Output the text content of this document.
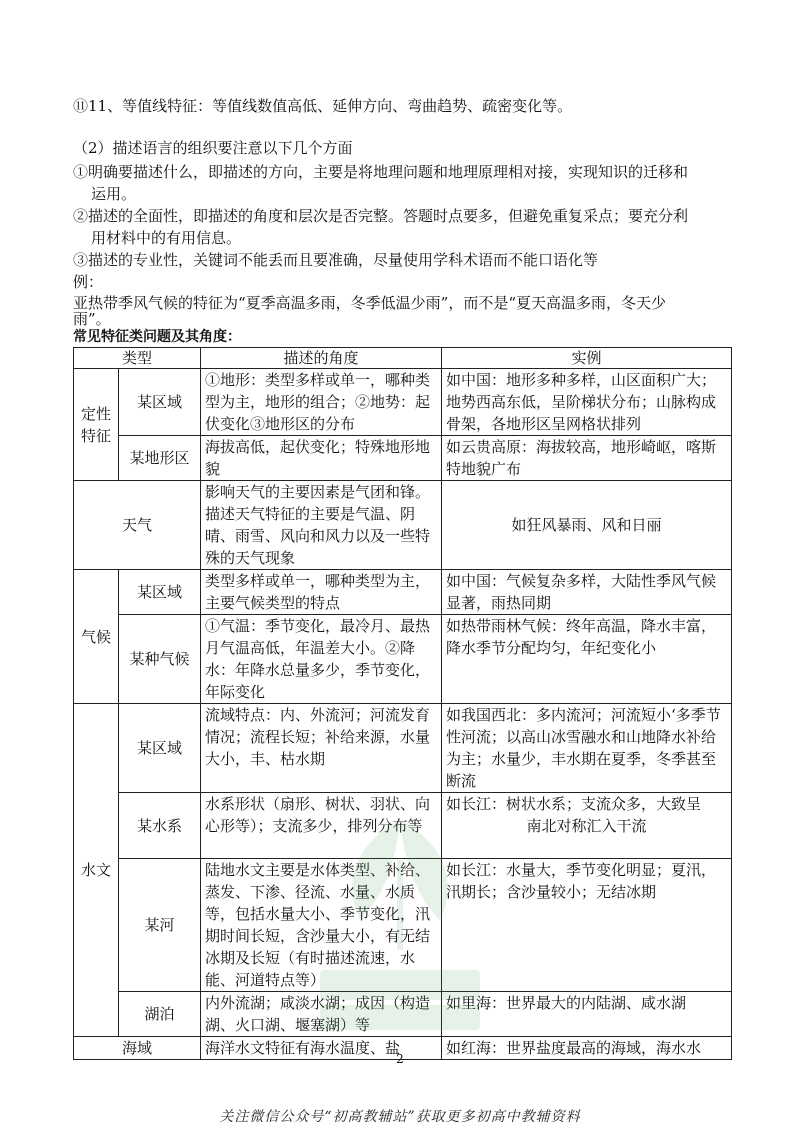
⑪11、等值线特征：等值线数值高低、延伸方向、弯曲趋势、疏密变化等。
（2）描述语言的组织要注意以下几个方面
①明确要描述什么，即描述的方向，主要是将地理问题和地理原理相对接，实现知识的迁移和
运用。
②描述的全面性，即描述的角度和层次是否完整。答题时点要多，但避免重复采点；要充分利
用材料中的有用信息。
③描述的专业性，关键词不能丢而且要准确，尽量使用学科术语而不能口语化等
例：
亚热带季风气候的特征为“夏季高温多雨，冬季低温少雨”，而不是“夏天高温多雨，冬天少
雨”。
常见特征类问题及其角度：
类型		描述的角度	实例
定性特征	某区域	①地形：类型多样或单一，哪种类型为主，地形的组合；②地势：起伏变化③地形区的分布	如中国：地形多种多样，山区面积广大；地势西高东低，呈阶梯状分布；山脉构成骨架，各地形区呈网格状排列
	某地形区	海拔高低，起伏变化；特殊地形地貌	如云贵高原：海拔较高，地形崎岖，喀斯特地貌广布
天气		影响天气的主要因素是气团和锋。描述天气特征的主要是气温、阴晴、雨雪、风向和风力以及一些特殊的天气现象	如狂风暴雨、风和日丽
气候	某区域	类型多样或单一，哪种类型为主，主要气候类型的特点	如中国：气候复杂多样，大陆性季风气候显著，雨热同期
	某种气候	①气温：季节变化，最冷月、最热月气温高低，年温差大小。②降水：年降水总量多少，季节变化，年际变化	如热带雨林气候：终年高温，降水丰富，降水季节分配均匀，年纪变化小
水文	某区域	流域特点：内、外流河；河流发育情况；流程长短；补给来源，水量大小，丰、枯水期	如我国西北：多内流河；河流短小‘多季节性河流；以高山冰雪融水和山地降水补给为主；水量少，丰水期在夏季，冬季甚至断流
	某水系	水系形状（扇形、树状、羽状、向心形等）；支流多少，排列分布等	如长江：树状水系；支流众多，大致呈
南北对称汇入干流

	某河	陆地水文主要是水体类型、补给、蒸发、下渗、径流、水量、水质等，包括水量大小、季节变化，汛期时间长短，含沙量大小，有无结冰期及长短（有时描述流速，水能、河道特点等）	如长江：水量大，季节变化明显；夏汛，汛期长；含沙量较小；无结冰期
	湖泊	内外流湖；咸淡水湖；成因（构造湖、火口湖、堰塞湖）等	如里海：世界最大的内陆湖、咸水湖
海域		海洋水文特征有海水温度、盐	如红海：世界盐度最高的海域，海水水
2
关注微信公众号“初高教辅站”获取更多初高中教辅资料
